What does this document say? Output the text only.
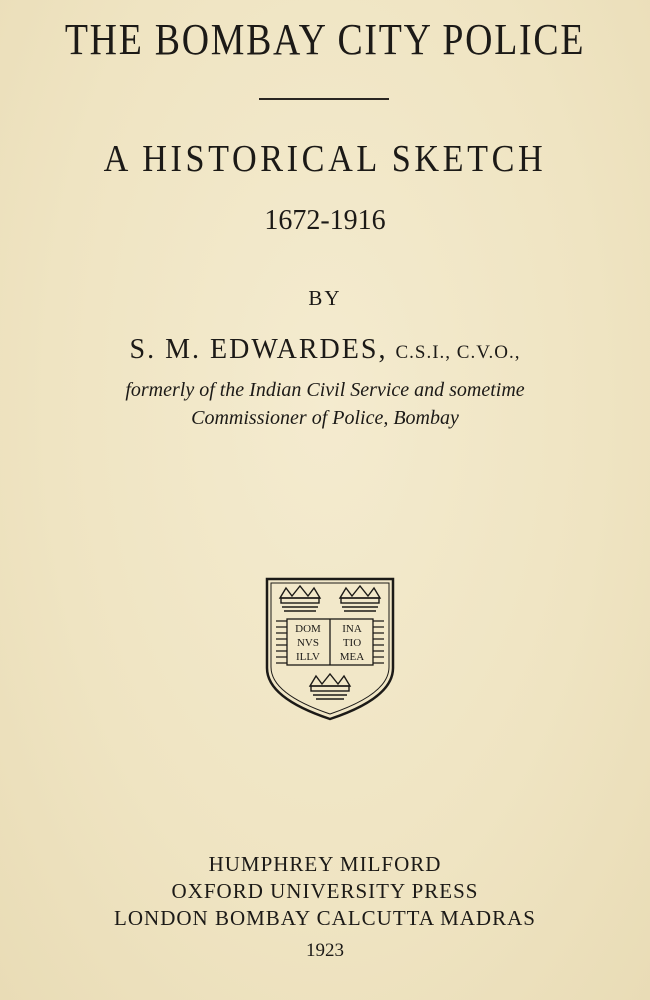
THE BOMBAY CITY POLICE
A HISTORICAL SKETCH
1672-1916
BY
S. M. EDWARDES, C.S.I., C.V.O.,
formerly of the Indian Civil Service and sometime
Commissioner of Police, Bombay
DOM INA
NVS TIO
ILLV MEA
HUMPHREY MILFORD
OXFORD UNIVERSITY PRESS
LONDON BOMBAY CALCUTTA MADRAS
1923
